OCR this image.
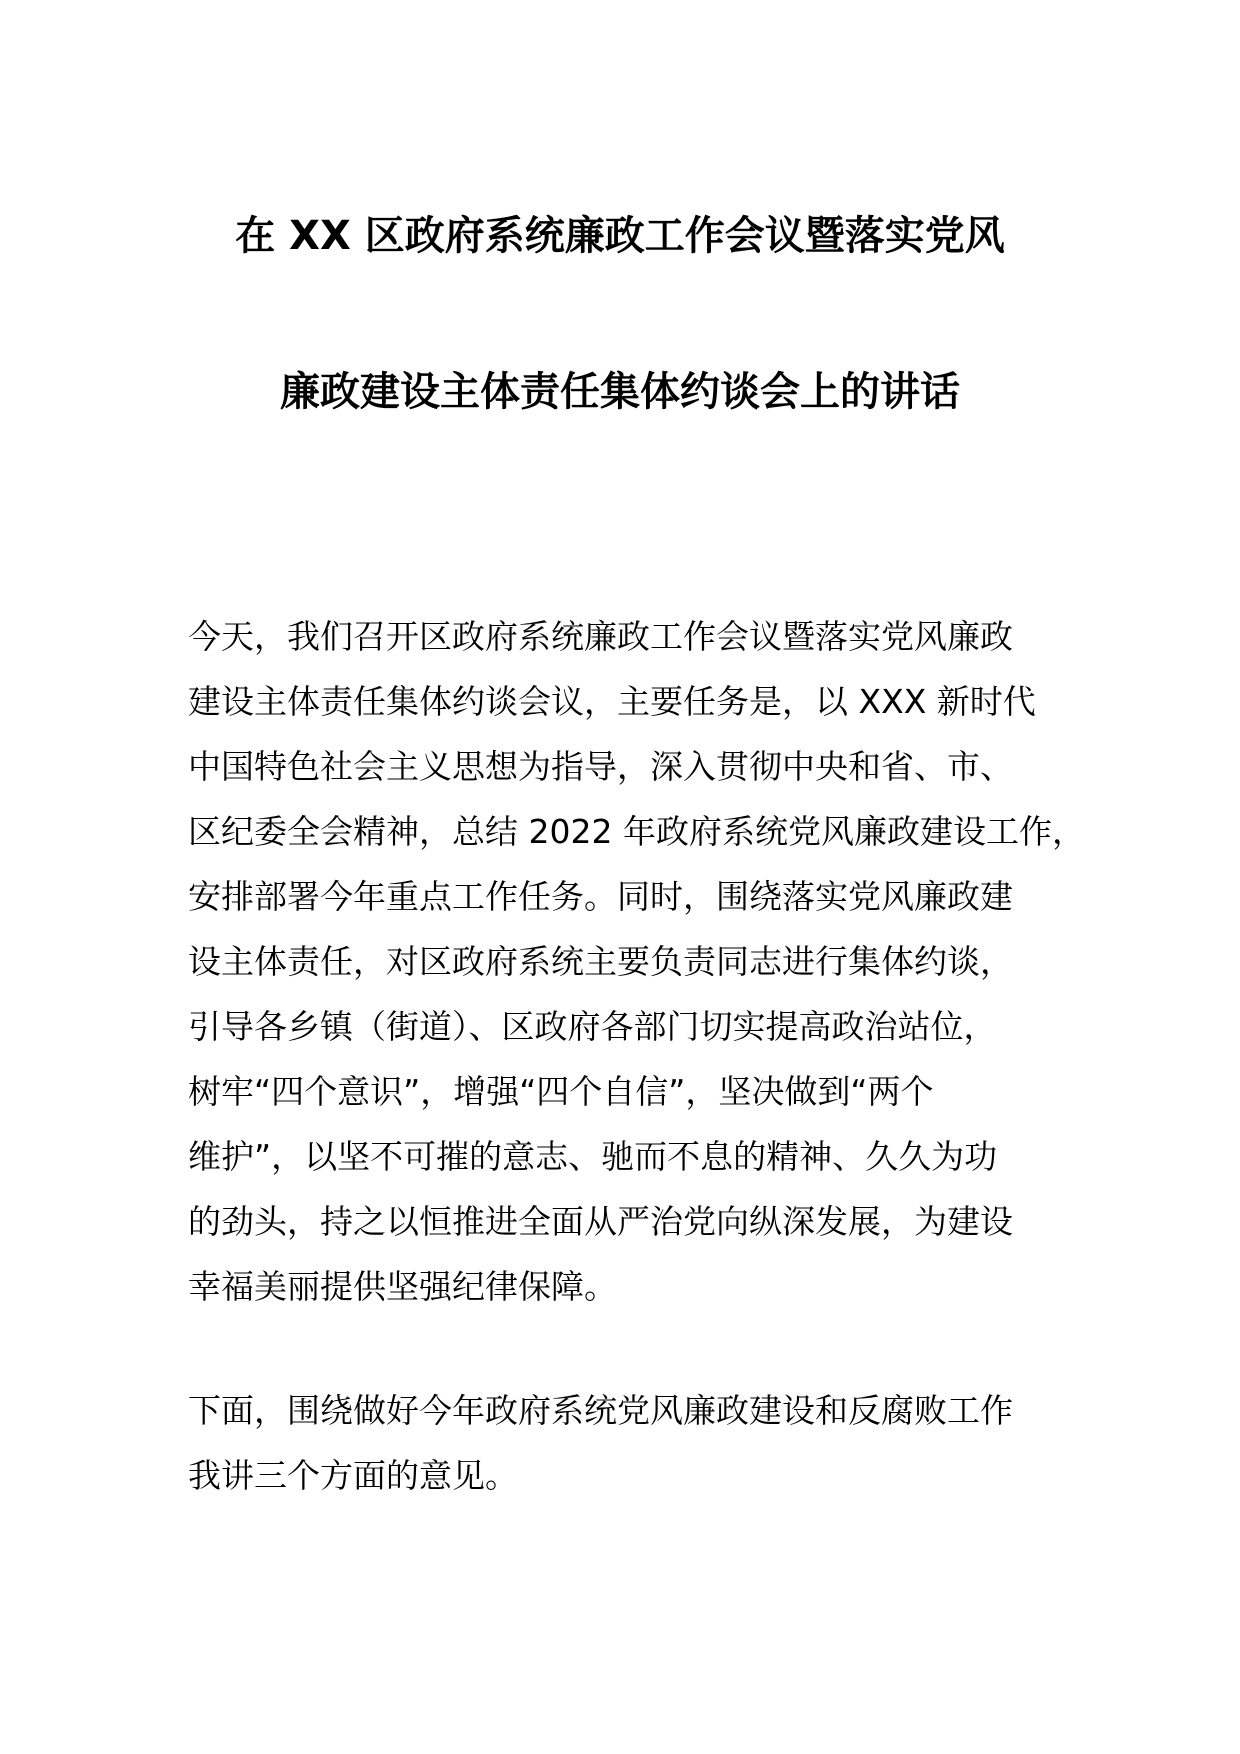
在 XX 区政府系统廉政工作会议暨落实党风
廉政建设主体责任集体约谈会上的讲话
今天，我们召开区政府系统廉政工作会议暨落实党风廉政
建设主体责任集体约谈会议，主要任务是，以 XXX 新时代
中国特色社会主义思想为指导，深入贯彻中央和省、市、
区纪委全会精神，总结 2022 年政府系统党风廉政建设工作，
安排部署今年重点工作任务。同时，围绕落实党风廉政建
设主体责任，对区政府系统主要负责同志进行集体约谈，
引导各乡镇（街道）、区政府各部门切实提高政治站位，
树牢“四个意识”，增强“四个自信”，坚决做到“两个
维护”，以坚不可摧的意志、驰而不息的精神、久久为功
的劲头，持之以恒推进全面从严治党向纵深发展，为建设
幸福美丽提供坚强纪律保障。
下面，围绕做好今年政府系统党风廉政建设和反腐败工作
我讲三个方面的意见。
